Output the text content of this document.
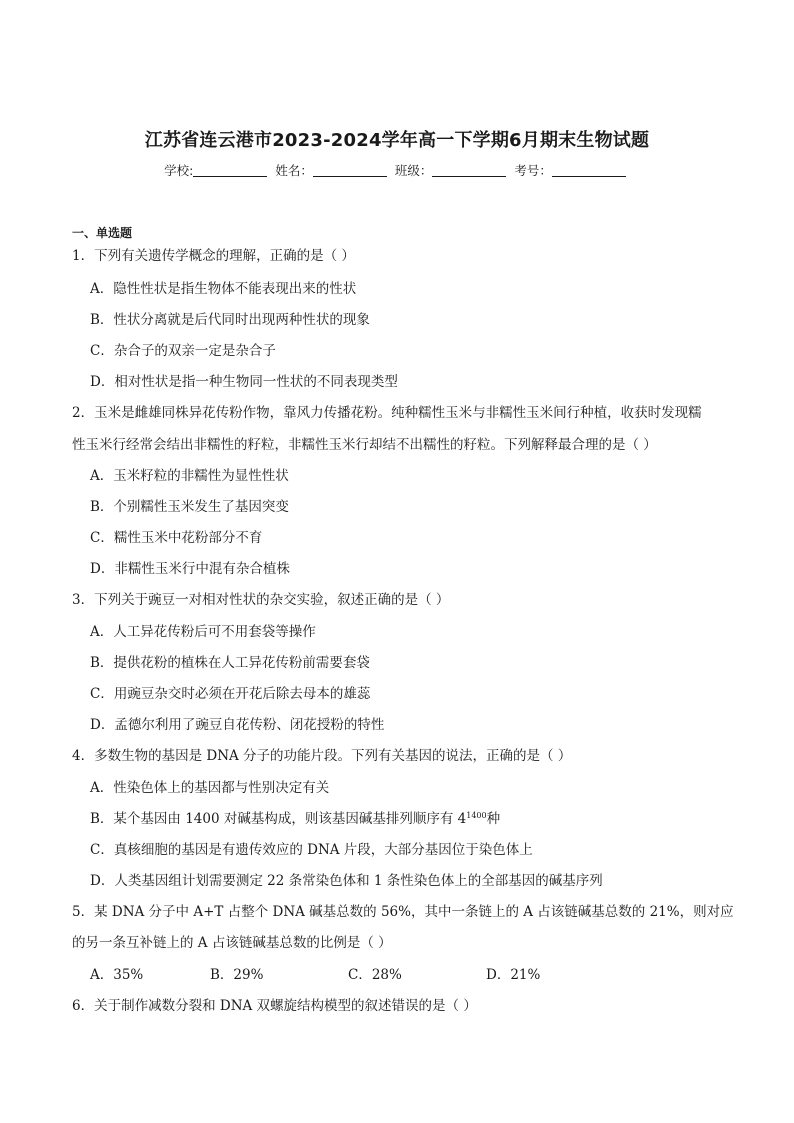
江苏省连云港市2023-2024学年高一下学期6月期末生物试题
学校:	姓名：	班级：	考号：
一、单选题
1．下列有关遗传学概念的理解，正确的是（ ）
A．隐性性状是指生物体不能表现出来的性状
B．性状分离就是后代同时出现两种性状的现象
C．杂合子的双亲一定是杂合子
D．相对性状是指一种生物同一性状的不同表现类型
2．玉米是雌雄同株异花传粉作物，靠风力传播花粉。纯种糯性玉米与非糯性玉米间行种植，收获时发现糯
性玉米行经常会结出非糯性的籽粒，非糯性玉米行却结不出糯性的籽粒。下列解释最合理的是（ ）
A．玉米籽粒的非糯性为显性性状
B．个别糯性玉米发生了基因突变
C．糯性玉米中花粉部分不育
D．非糯性玉米行中混有杂合植株
3．下列关于豌豆一对相对性状的杂交实验，叙述正确的是（ ）
A．人工异花传粉后可不用套袋等操作
B．提供花粉的植株在人工异花传粉前需要套袋
C．用豌豆杂交时必须在开花后除去母本的雄蕊
D．孟德尔利用了豌豆自花传粉、闭花授粉的特性
4．多数生物的基因是 DNA 分子的功能片段。下列有关基因的说法，正确的是（ ）
A．性染色体上的基因都与性别决定有关
B．某个基因由 1400 对碱基构成，则该基因碱基排列顺序有 $4^{1400}$种
C．真核细胞的基因是有遗传效应的 DNA 片段，大部分基因位于染色体上
D．人类基因组计划需要测定 22 条常染色体和 1 条性染色体上的全部基因的碱基序列
5．某 DNA 分子中 A+T 占整个 DNA 碱基总数的 56%，其中一条链上的 A 占该链碱基总数的 21%，则对应
的另一条互补链上的 A 占该链碱基总数的比例是（ ）
A．35%	B．29%	C．28%	D．21%
6．关于制作减数分裂和 DNA 双螺旋结构模型的叙述错误的是（ ）
